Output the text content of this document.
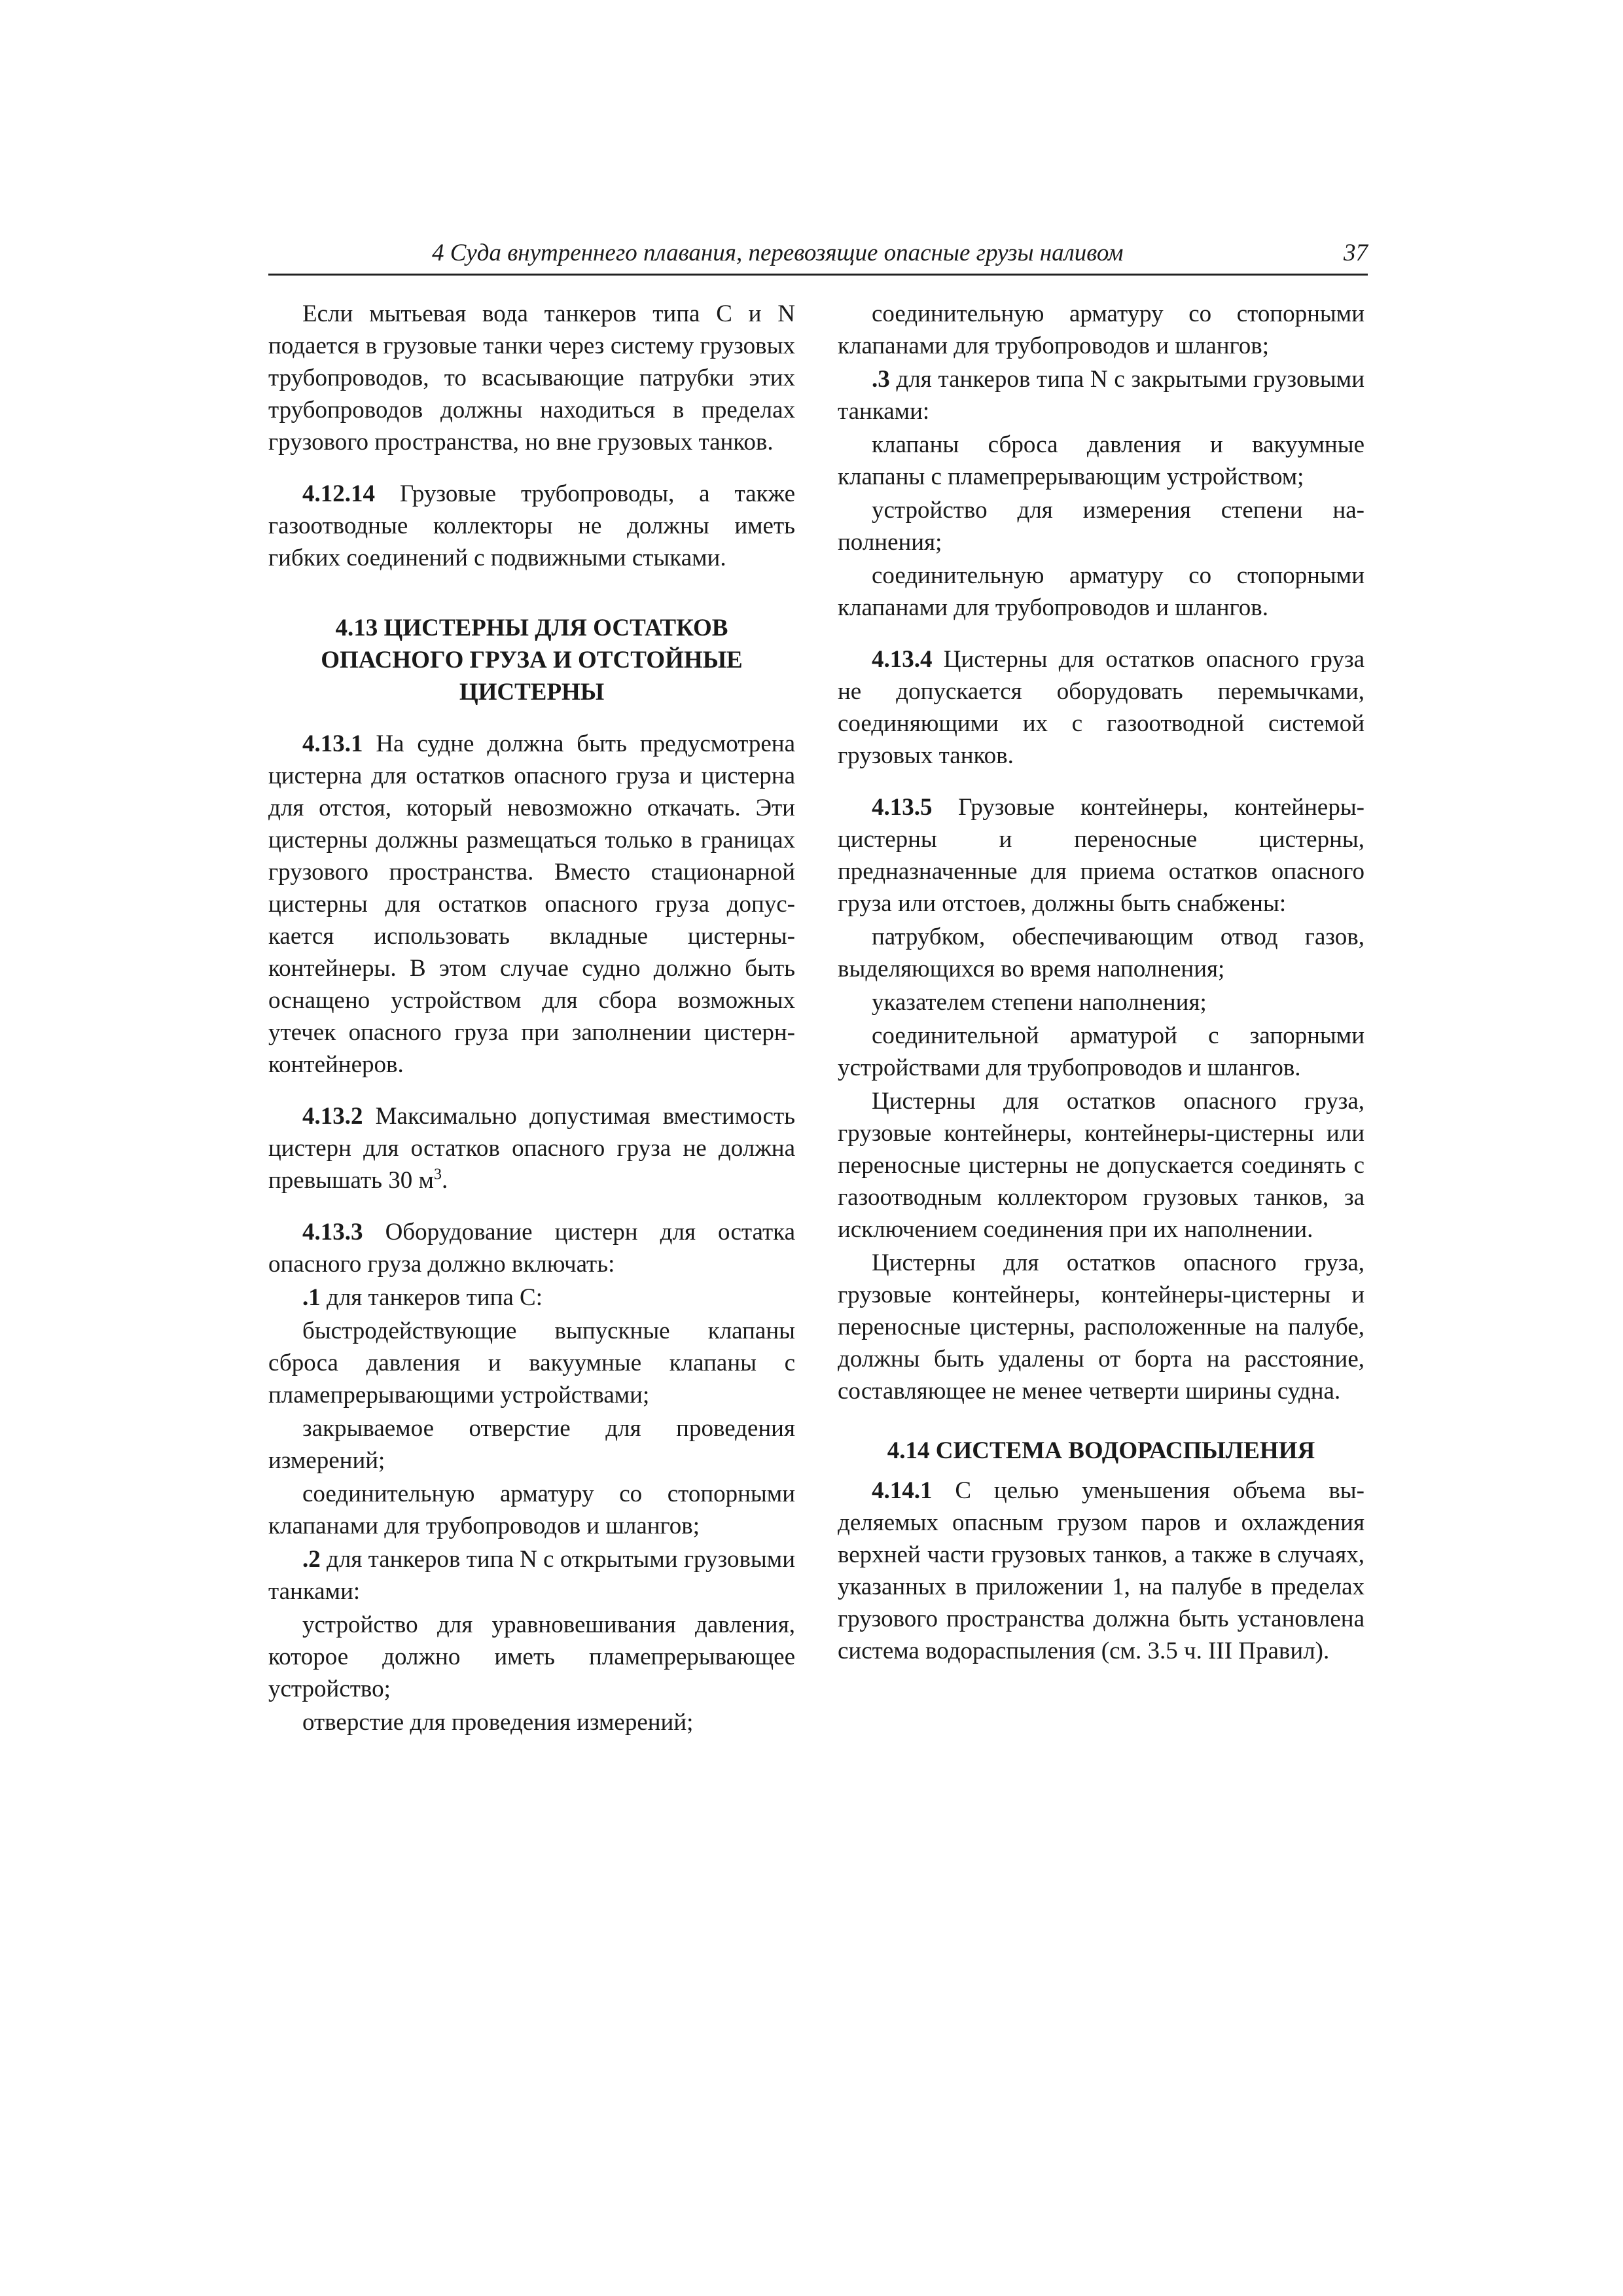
4 Суда внутреннего плавания, перевозящие опасные грузы наливом	37

Если мытьевая вода танкеров типа C и N подается в грузовые танки через систему грузовых трубопроводов, то всасывающие патрубки этих трубопроводов должны находиться в пределах грузового пространства, но вне грузовых танков.

4.12.14 Грузовые трубопроводы, а также газоотводные коллекторы не должны иметь гибких соединений с подвижными стыками.

4.13 ЦИСТЕРНЫ ДЛЯ ОСТАТКОВ ОПАСНОГО ГРУЗА И ОТСТОЙНЫЕ ЦИСТЕРНЫ

4.13.1 На судне должна быть предусмотрена цистерна для остатков опасного груза и цистерна для отстоя, который невозможно откачать. Эти цистерны должны размещаться только в границах грузового пространства. Вместо стационарной цистерны для остатков опасного груза допускается использовать вкладные цистерны-контейнеры. В этом случае судно должно быть оснащено устройством для сбора возможных утечек опасного груза при заполнении цистерн-контейнеров.

4.13.2 Максимально допустимая вместимость цистерн для остатков опасного груза не должна превышать 30 $м^3$.

4.13.3 Оборудование цистерн для остатка опасного груза должно включать:

.1 для танкеров типа C:

быстродействующие выпускные клапаны сброса давления и вакуумные клапаны с пламепрерывающими устройствами;

закрываемое отверстие для проведения измерений;

соединительную арматуру со стопорными клапанами для трубопроводов и шлангов;

.2 для танкеров типа N с открытыми грузовыми танками:

устройство для уравновешивания давления, которое должно иметь пламепрерывающее устройство;

отверстие для проведения измерений;

соединительную арматуру со стопорными клапанами для трубопроводов и шлангов;

.3 для танкеров типа N с закрытыми грузовыми танками:

клапаны сброса давления и вакуумные клапаны с пламепрерывающим устройством;

устройство для измерения степени наполнения;

соединительную арматуру со стопорными клапанами для трубопроводов и шлангов.

4.13.4 Цистерны для остатков опасного груза не допускается оборудовать перемычками, соединяющими их с газоотводной системой грузовых танков.

4.13.5 Грузовые контейнеры, контейнеры-цистерны и переносные цистерны, предназначенные для приема остатков опасного груза или отстоев, должны быть снабжены:

патрубком, обеспечивающим отвод газов, выделяющихся во время наполнения;

указателем степени наполнения;

соединительной арматурой с запорными устройствами для трубопроводов и шлангов.

Цистерны для остатков опасного груза, грузовые контейнеры, контейнеры-цистерны или переносные цистерны не допускается соединять с газоотводным коллектором грузовых танков, за исключением соединения при их наполнении.

Цистерны для остатков опасного груза, грузовые контейнеры, контейнеры-цистерны и переносные цистерны, расположенные на палубе, должны быть удалены от борта на расстояние, составляющее не менее четверти ширины судна.

4.14 СИСТЕМА ВОДОРАСПЫЛЕНИЯ

4.14.1 С целью уменьшения объема выделяемых опасным грузом паров и охлаждения верхней части грузовых танков, а также в случаях, указанных в приложении 1, на палубе в пределах грузового пространства должна быть установлена система водораспыления (см. 3.5 ч. III Правил).
